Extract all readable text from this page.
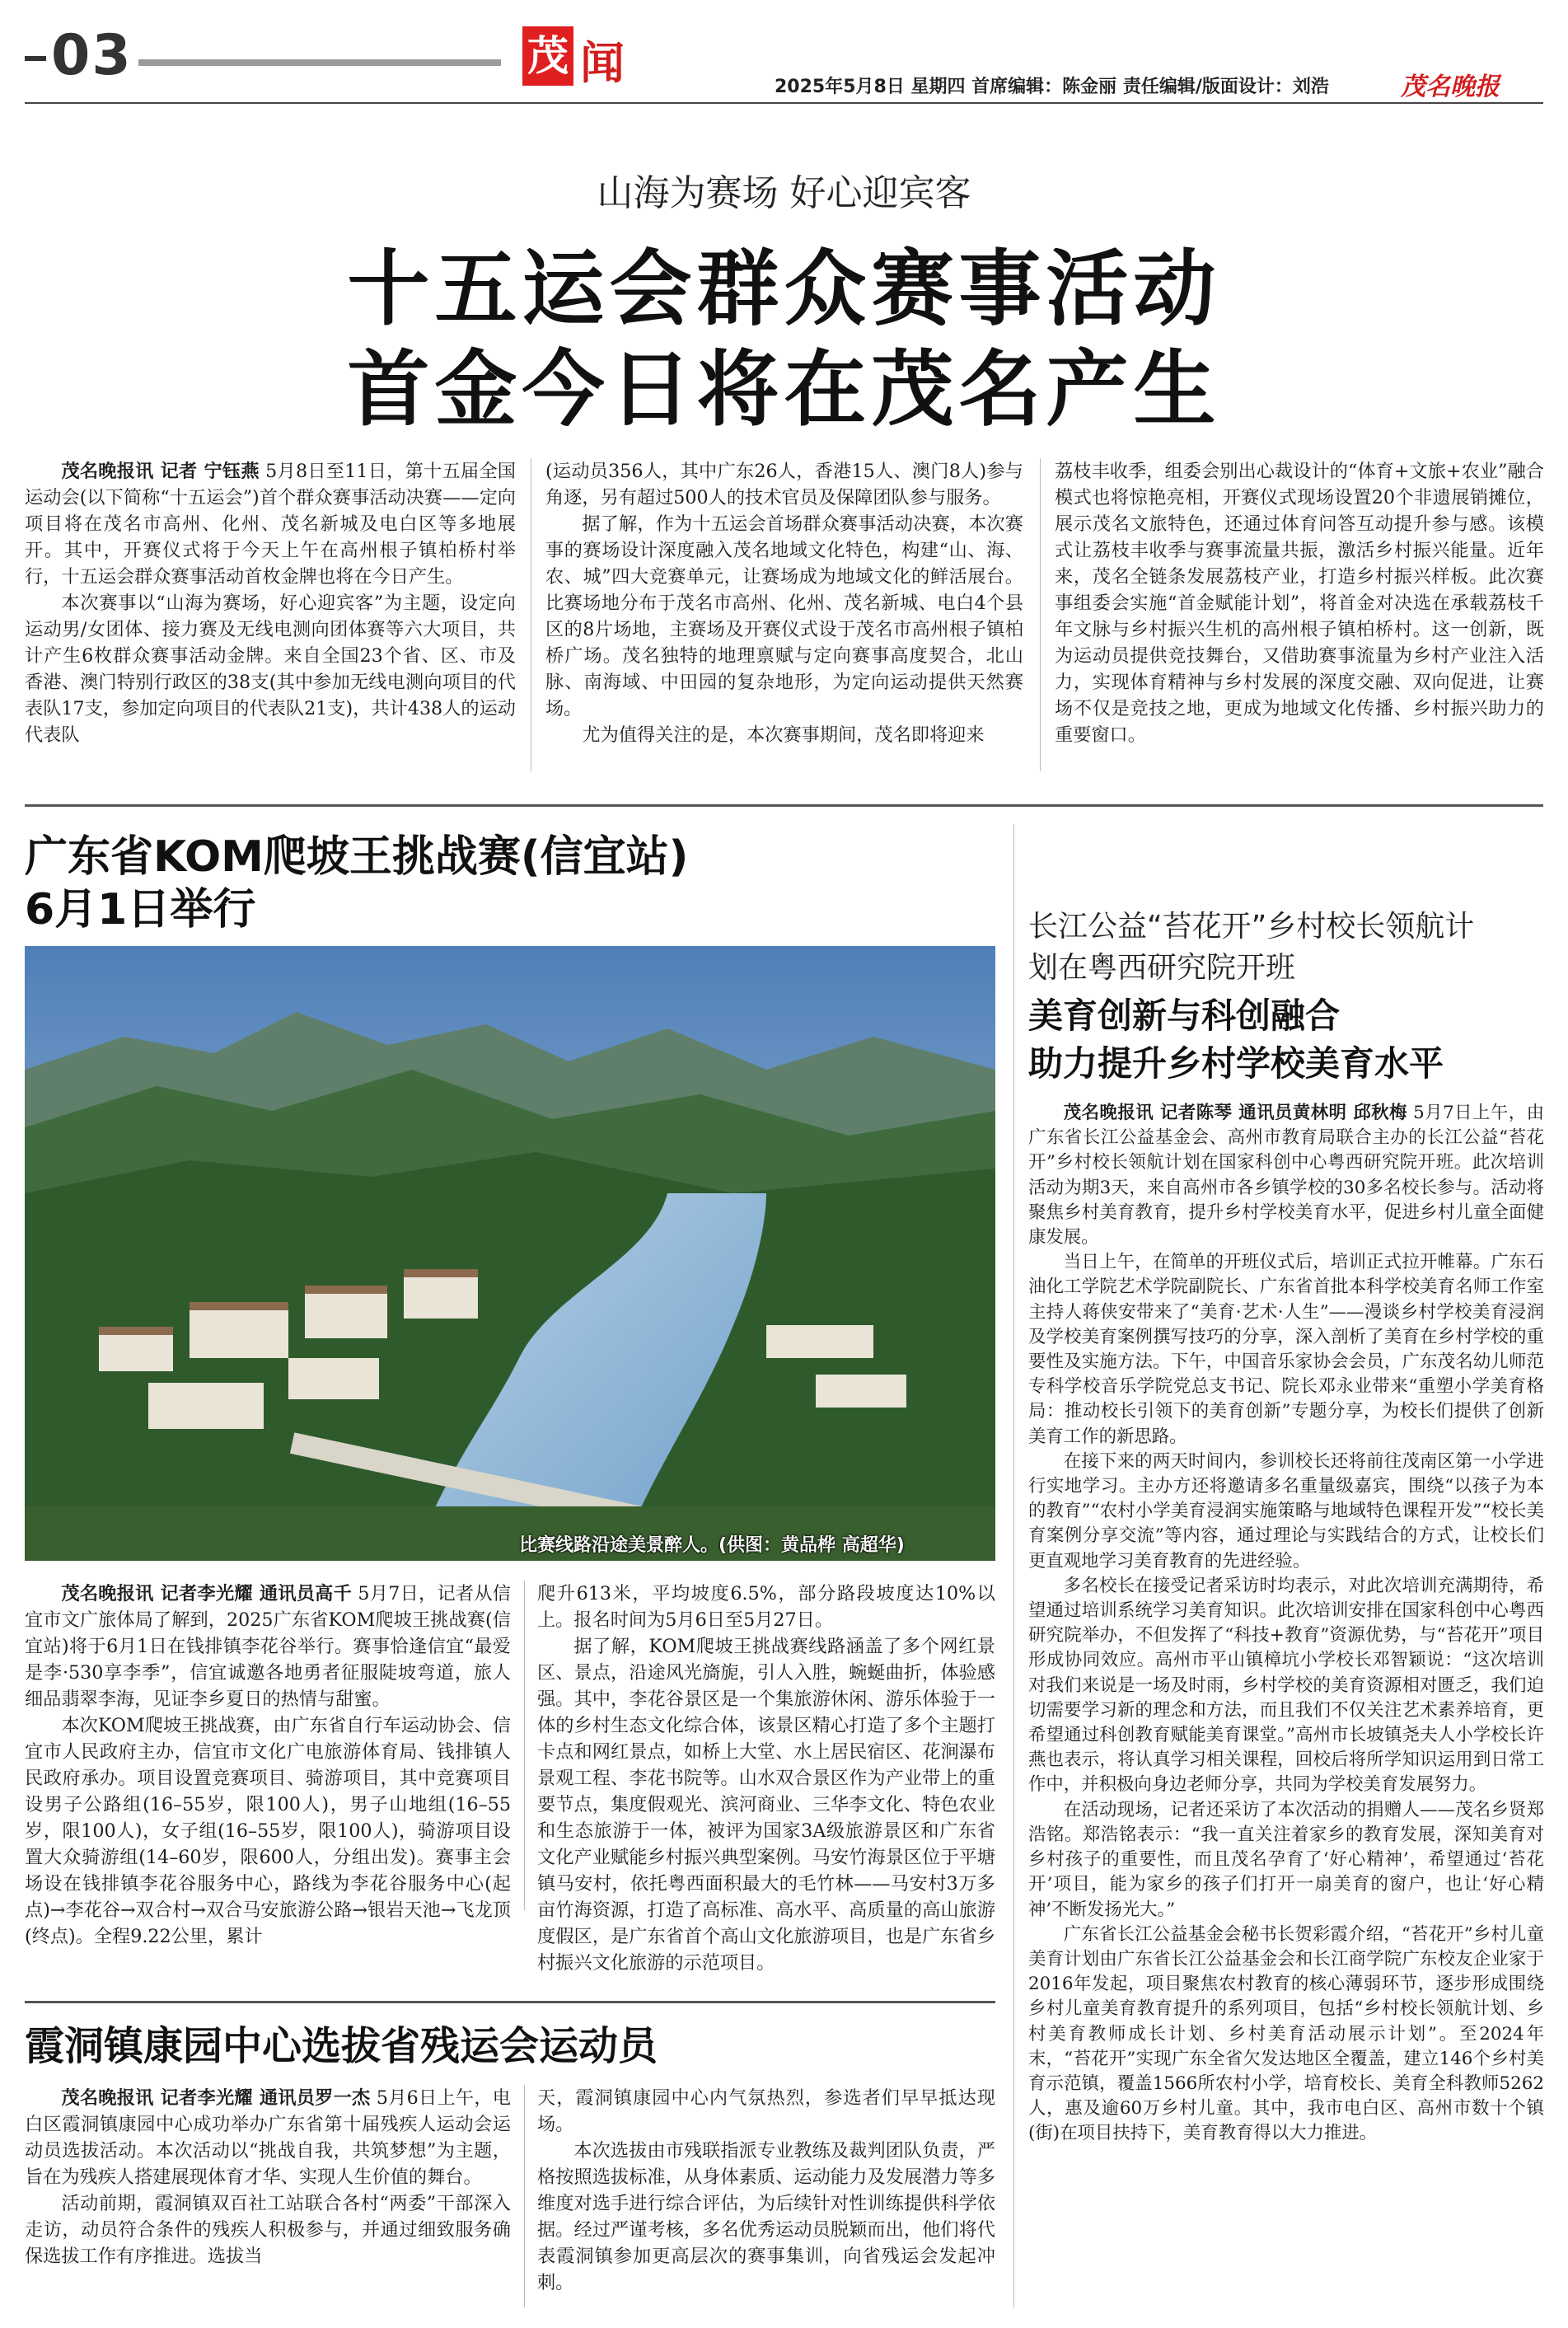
03	茂 闻	2025年5月8日 星期四 首席编辑：陈金丽 责任编辑/版面设计：刘浩	茂名晚报
山海为赛场 好心迎宾客
十五运会群众赛事活动
首金今日将在茂名产生

茂名晚报讯 记者 宁钰燕 5月8日至11日，第十五届全国运动会(以下简称“十五运会”)首个群众赛事活动决赛——定向项目将在茂名市高州、化州、茂名新城及电白区等多地展开。其中，开赛仪式将于今天上午在高州根子镇柏桥村举行，十五运会群众赛事活动首枚金牌也将在今日产生。

本次赛事以“山海为赛场，好心迎宾客”为主题，设定向运动男/女团体、接力赛及无线电测向团体赛等六大项目，共计产生6枚群众赛事活动金牌。来自全国23个省、区、市及香港、澳门特别行政区的38支(其中参加无线电测向项目的代表队17支，参加定向项目的代表队21支)，共计438人的运动代表队

(运动员356人，其中广东26人，香港15人、澳门8人)参与角逐，另有超过500人的技术官员及保障团队参与服务。

据了解，作为十五运会首场群众赛事活动决赛，本次赛事的赛场设计深度融入茂名地域文化特色，构建“山、海、农、城”四大竞赛单元，让赛场成为地域文化的鲜活展台。比赛场地分布于茂名市高州、化州、茂名新城、电白4个县区的8片场地，主赛场及开赛仪式设于茂名市高州根子镇柏桥广场。茂名独特的地理禀赋与定向赛事高度契合，北山脉、南海域、中田园的复杂地形，为定向运动提供天然赛场。

尤为值得关注的是，本次赛事期间，茂名即将迎来

荔枝丰收季，组委会别出心裁设计的“体育+文旅+农业”融合模式也将惊艳亮相，开赛仪式现场设置20个非遗展销摊位，展示茂名文旅特色，还通过体育问答互动提升参与感。该模式让荔枝丰收季与赛事流量共振，激活乡村振兴能量。近年来，茂名全链条发展荔枝产业，打造乡村振兴样板。此次赛事组委会实施“首金赋能计划”，将首金对决选在承载荔枝千年文脉与乡村振兴生机的高州根子镇柏桥村。这一创新，既为运动员提供竞技舞台，又借助赛事流量为乡村产业注入活力，实现体育精神与乡村发展的深度交融、双向促进，让赛场不仅是竞技之地，更成为地域文化传播、乡村振兴助力的重要窗口。

广东省KOM爬坡王挑战赛(信宜站)
6月1日举行
比赛线路沿途美景醉人。(供图：黄品桦 高超华)

茂名晚报讯 记者李光耀 通讯员高千 5月7日，记者从信宜市文广旅体局了解到，2025广东省KOM爬坡王挑战赛(信宜站)将于6月1日在钱排镇李花谷举行。赛事恰逢信宜“最爱是李·530享李季”，信宜诚邀各地勇者征服陡坡弯道，旅人细品翡翠李海，见证李乡夏日的热情与甜蜜。

本次KOM爬坡王挑战赛，由广东省自行车运动协会、信宜市人民政府主办，信宜市文化广电旅游体育局、钱排镇人民政府承办。项目设置竞赛项目、骑游项目，其中竞赛项目设男子公路组(16–55岁，限100人)，男子山地组(16–55岁，限100人)，女子组(16–55岁，限100人)，骑游项目设置大众骑游组(14–60岁，限600人，分组出发)。赛事主会场设在钱排镇李花谷服务中心，路线为李花谷服务中心(起点)→李花谷→双合村→双合马安旅游公路→银岩天池→飞龙顶(终点)。全程9.22公里，累计

爬升613米，平均坡度6.5%，部分路段坡度达10%以上。报名时间为5月6日至5月27日。

据了解，KOM爬坡王挑战赛线路涵盖了多个网红景区、景点，沿途风光旖旎，引人入胜，蜿蜒曲折，体验感强。其中，李花谷景区是一个集旅游休闲、游乐体验于一体的乡村生态文化综合体，该景区精心打造了多个主题打卡点和网红景点，如桥上大堂、水上居民宿区、花涧瀑布景观工程、李花书院等。山水双合景区作为产业带上的重要节点，集度假观光、滨河商业、三华李文化、特色农业和生态旅游于一体，被评为国家3A级旅游景区和广东省文化产业赋能乡村振兴典型案例。马安竹海景区位于平塘镇马安村，依托粤西面积最大的毛竹林——马安村3万多亩竹海资源，打造了高标准、高水平、高质量的高山旅游度假区，是广东省首个高山文化旅游项目，也是广东省乡村振兴文化旅游的示范项目。

霞洞镇康园中心选拔省残运会运动员

茂名晚报讯 记者李光耀 通讯员罗一杰 5月6日上午，电白区霞洞镇康园中心成功举办广东省第十届残疾人运动会运动员选拔活动。本次活动以“挑战自我，共筑梦想”为主题，旨在为残疾人搭建展现体育才华、实现人生价值的舞台。

活动前期，霞洞镇双百社工站联合各村“两委”干部深入走访，动员符合条件的残疾人积极参与，并通过细致服务确保选拔工作有序推进。选拔当

天，霞洞镇康园中心内气氛热烈，参选者们早早抵达现场。

本次选拔由市残联指派专业教练及裁判团队负责，严格按照选拔标准，从身体素质、运动能力及发展潜力等多维度对选手进行综合评估，为后续针对性训练提供科学依据。经过严谨考核，多名优秀运动员脱颖而出，他们将代表霞洞镇参加更高层次的赛事集训，向省残运会发起冲刺。

长江公益“苔花开”乡村校长领航计
划在粤西研究院开班
美育创新与科创融合
助力提升乡村学校美育水平

茂名晚报讯 记者陈琴 通讯员黄林明 邱秋梅 5月7日上午，由广东省长江公益基金会、高州市教育局联合主办的长江公益“苔花开”乡村校长领航计划在国家科创中心粤西研究院开班。此次培训活动为期3天，来自高州市各乡镇学校的30多名校长参与。活动将聚焦乡村美育教育，提升乡村学校美育水平，促进乡村儿童全面健康发展。

当日上午，在简单的开班仪式后，培训正式拉开帷幕。广东石油化工学院艺术学院副院长、广东省首批本科学校美育名师工作室主持人蒋侠安带来了“美育·艺术·人生”——漫谈乡村学校美育浸润及学校美育案例撰写技巧的分享，深入剖析了美育在乡村学校的重要性及实施方法。下午，中国音乐家协会会员，广东茂名幼儿师范专科学校音乐学院党总支书记、院长邓永业带来“重塑小学美育格局：推动校长引领下的美育创新”专题分享，为校长们提供了创新美育工作的新思路。

在接下来的两天时间内，参训校长还将前往茂南区第一小学进行实地学习。主办方还将邀请多名重量级嘉宾，围绕“以孩子为本的教育”“农村小学美育浸润实施策略与地域特色课程开发”“校长美育案例分享交流”等内容，通过理论与实践结合的方式，让校长们更直观地学习美育教育的先进经验。

多名校长在接受记者采访时均表示，对此次培训充满期待，希望通过培训系统学习美育知识。此次培训安排在国家科创中心粤西研究院举办，不但发挥了“科技+教育”资源优势，与“苔花开”项目形成协同效应。高州市平山镇樟坑小学校长邓智颖说：“这次培训对我们来说是一场及时雨，乡村学校的美育资源相对匮乏，我们迫切需要学习新的理念和方法，而且我们不仅关注艺术素养培育，更希望通过科创教育赋能美育课堂。”高州市长坡镇尧夫人小学校长许燕也表示，将认真学习相关课程，回校后将所学知识运用到日常工作中，并积极向身边老师分享，共同为学校美育发展努力。

在活动现场，记者还采访了本次活动的捐赠人——茂名乡贤郑浩铭。郑浩铭表示：“我一直关注着家乡的教育发展，深知美育对乡村孩子的重要性，而且茂名孕育了‘好心精神’，希望通过‘苔花开’项目，能为家乡的孩子们打开一扇美育的窗户，也让‘好心精神’不断发扬光大。”

广东省长江公益基金会秘书长贺彩霞介绍，“苔花开”乡村儿童美育计划由广东省长江公益基金会和长江商学院广东校友企业家于2016年发起，项目聚焦农村教育的核心薄弱环节，逐步形成围绕乡村儿童美育教育提升的系列项目，包括“乡村校长领航计划、乡村美育教师成长计划、乡村美育活动展示计划”。至2024年末，“苔花开”实现广东全省欠发达地区全覆盖，建立146个乡村美育示范镇，覆盖1566所农村小学，培育校长、美育全科教师5262人，惠及逾60万乡村儿童。其中，我市电白区、高州市数十个镇(街)在项目扶持下，美育教育得以大力推进。
